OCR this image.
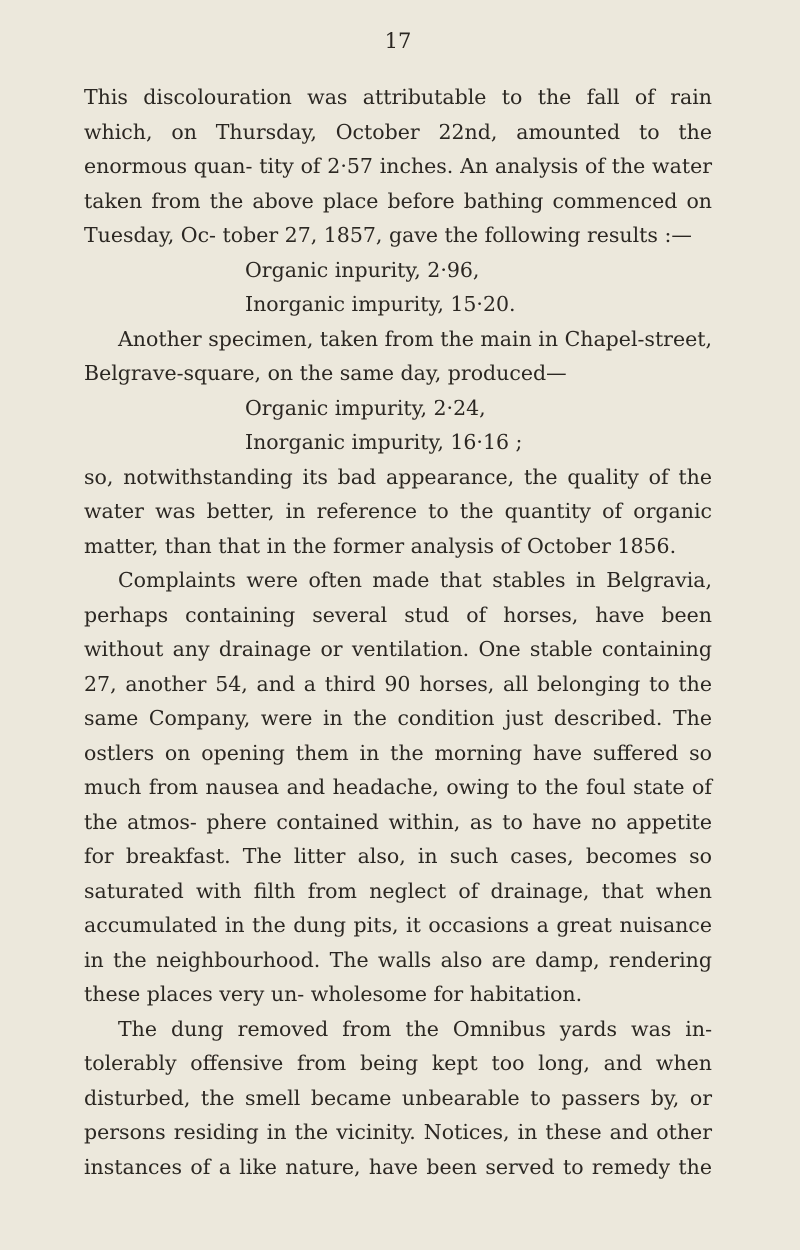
17

This discolouration was attributable to the fall of rain which, on Thursday, October 22nd, amounted to the enormous quan- tity of 2·57 inches. An analysis of the water taken from the above place before bathing commenced on Tuesday, Oc- tober 27, 1857, gave the following results :—

Organic inpurity, 2·96,
Inorganic impurity, 15·20.

Another specimen, taken from the main in Chapel-street, Belgrave-square, on the same day, produced—

Organic impurity, 2·24,
Inorganic impurity, 16·16 ;

so, notwithstanding its bad appearance, the quality of the water was better, in reference to the quantity of organic matter, than that in the former analysis of October 1856.

Complaints were often made that stables in Belgravia, perhaps containing several stud of horses, have been without any drainage or ventilation. One stable containing 27, another 54, and a third 90 horses, all belonging to the same Company, were in the condition just described. The ostlers on opening them in the morning have suffered so much from nausea and headache, owing to the foul state of the atmos- phere contained within, as to have no appetite for breakfast. The litter also, in such cases, becomes so saturated with filth from neglect of drainage, that when accumulated in the dung pits, it occasions a great nuisance in the neighbourhood. The walls also are damp, rendering these places very un- wholesome for habitation.

The dung removed from the Omnibus yards was in- tolerably offensive from being kept too long, and when disturbed, the smell became unbearable to passers by, or persons residing in the vicinity. Notices, in these and other instances of a like nature, have been served to remedy the
